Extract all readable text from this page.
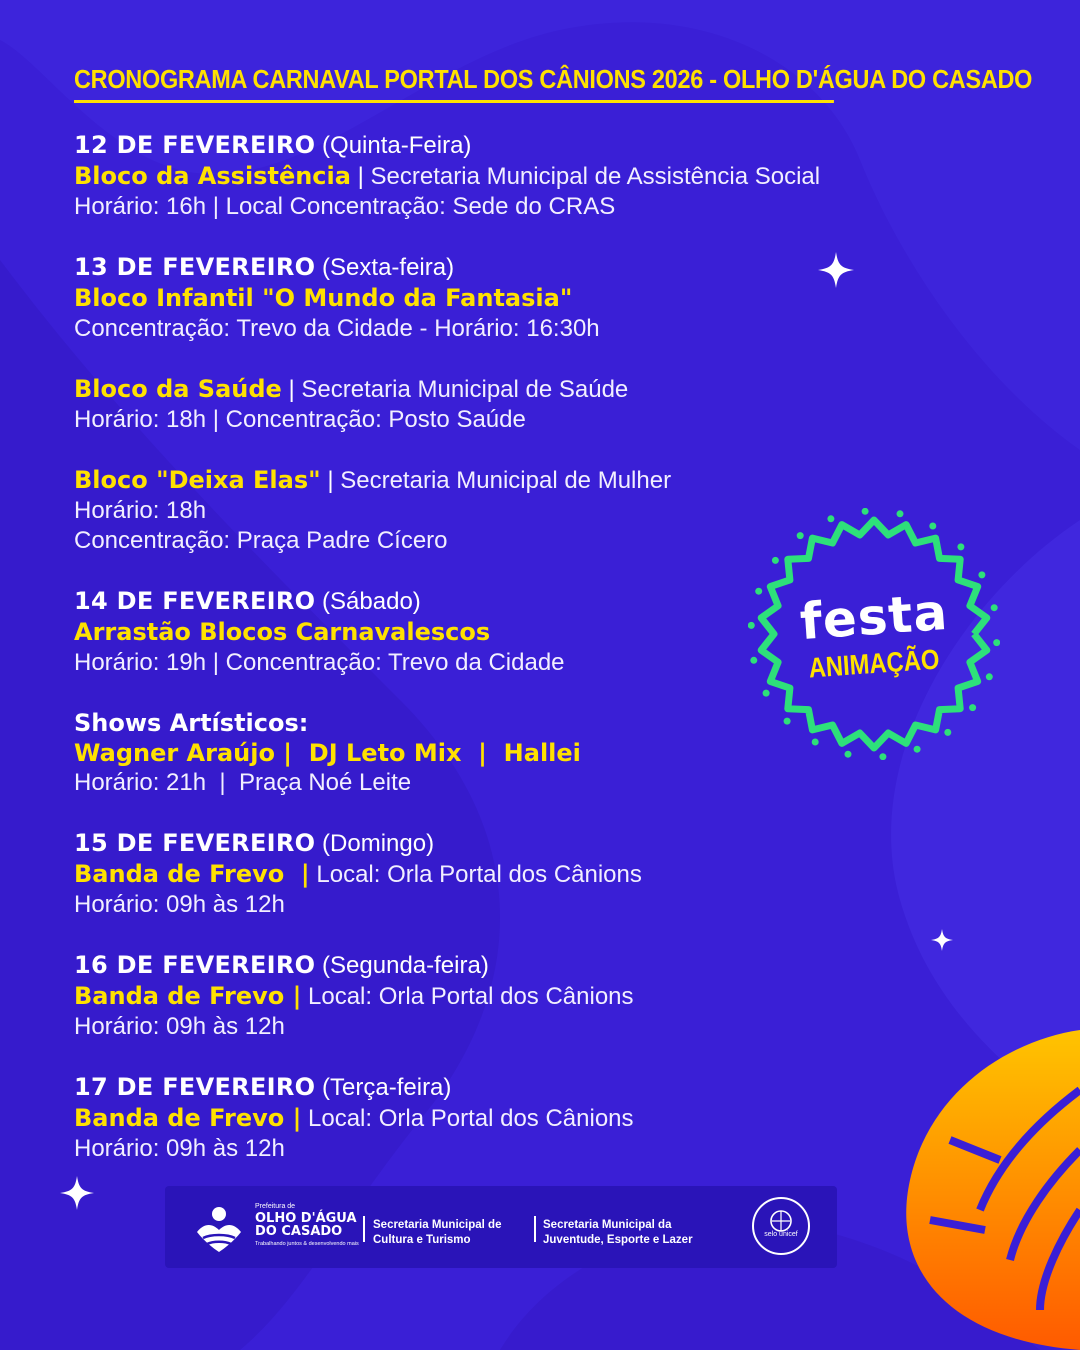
CRONOGRAMA CARNAVAL PORTAL DOS CÂNIONS 2026 - OLHO D'ÁGUA DO CASADO
12 DE FEVEREIRO (Quinta-Feira)
Bloco da Assistência | Secretaria Municipal de Assistência Social
Horário: 16h | Local Concentração: Sede do CRAS
13 DE FEVEREIRO (Sexta-feira)
Bloco Infantil "O Mundo da Fantasia"
Concentração: Trevo da Cidade - Horário: 16:30h
Bloco da Saúde | Secretaria Municipal de Saúde
Horário: 18h | Concentração: Posto Saúde
Bloco "Deixa Elas" | Secretaria Municipal de Mulher
Horário: 18h
Concentração: Praça Padre Cícero
14 DE FEVEREIRO (Sábado)
Arrastão Blocos Carnavalescos
Horário: 19h | Concentração: Trevo da Cidade
Shows Artísticos:
Wagner Araújo |  DJ Leto Mix  |  Hallei
Horário: 21h  |  Praça Noé Leite
15 DE FEVEREIRO (Domingo)
Banda de Frevo  | Local: Orla Portal dos Cânions
Horário: 09h às 12h
16 DE FEVEREIRO (Segunda-feira)
Banda de Frevo | Local: Orla Portal dos Cânions
Horário: 09h às 12h
17 DE FEVEREIRO (Terça-feira)
Banda de Frevo | Local: Orla Portal dos Cânions
Horário: 09h às 12h
festa
ANIMAÇÃO
Prefeitura de
OLHO D'ÁGUA
DO CASADO
Trabalhando juntos & desenvolvendo mais
Secretaria Municipal de
Cultura e Turismo
Secretaria Municipal da
Juventude, Esporte e Lazer	selo unicef
